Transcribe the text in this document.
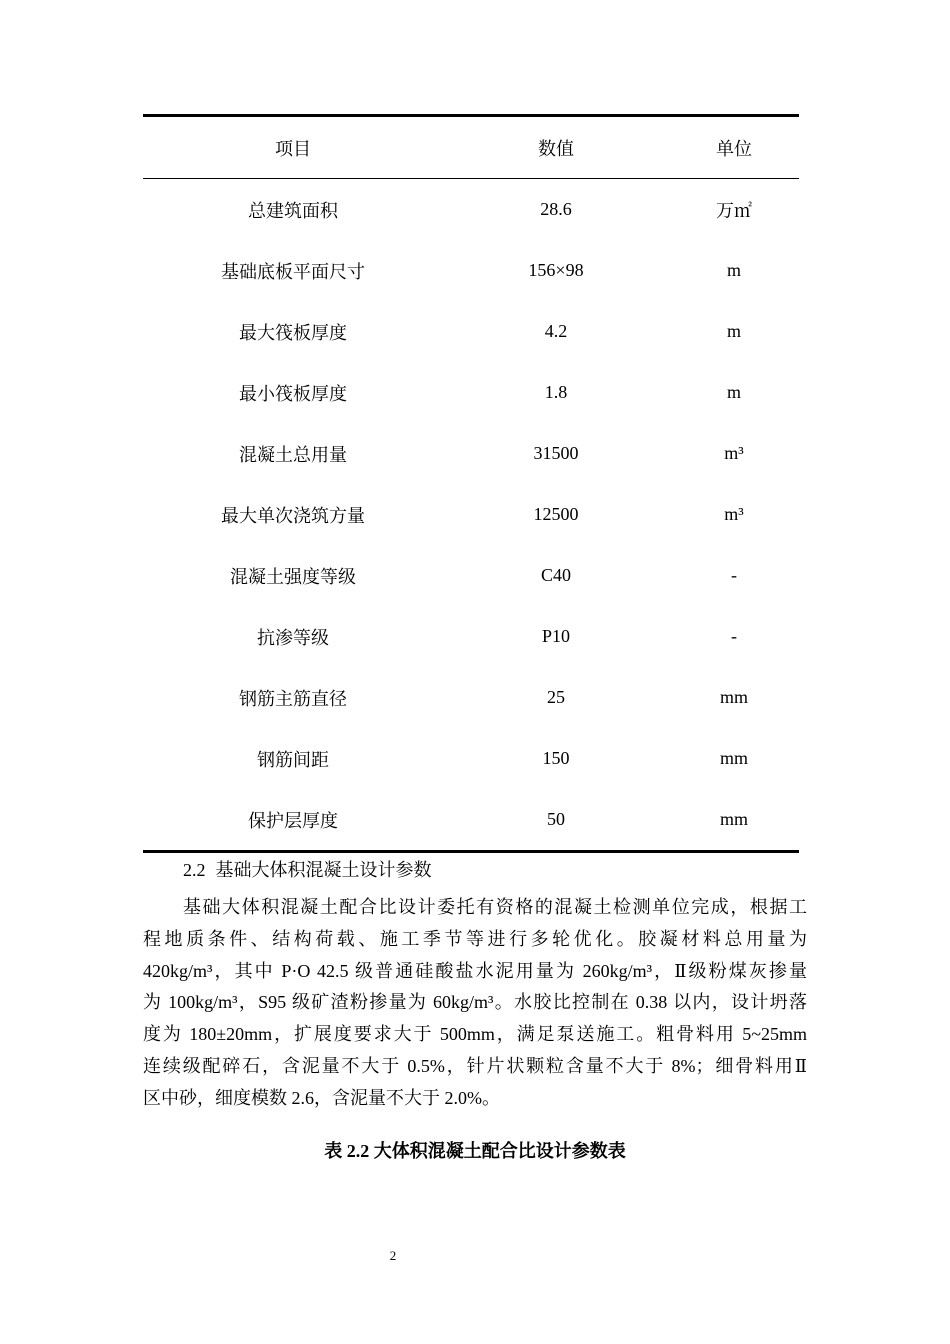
项目	数值	单位
总建筑面积	28.6	万㎡
基础底板平面尺寸	156×98	m
最大筏板厚度	4.2	m
最小筏板厚度	1.8	m
混凝土总用量	31500	m³
最大单次浇筑方量	12500	m³
混凝土强度等级	C40	-
抗渗等级	P10	-
钢筋主筋直径	25	mm
钢筋间距	150	mm
保护层厚度	50	mm
2.2 基础大体积混凝土设计参数

基础大体积混凝土配合比设计委托有资格的混凝土检测单位完成，根据工
程地质条件、结构荷载、施工季节等进行多轮优化。胶凝材料总用量为
420kg/m³，其中 P·O 42.5 级普通硅酸盐水泥用量为 260kg/m³，Ⅱ级粉煤灰掺量
为 100kg/m³，S95 级矿渣粉掺量为 60kg/m³。水胶比控制在 0.38 以内，设计坍落
度为 180±20mm，扩展度要求大于 500mm，满足泵送施工。粗骨料用 5~25mm
连续级配碎石，含泥量不大于 0.5%，针片状颗粒含量不大于 8%；细骨料用Ⅱ
区中砂，细度模数 2.6，含泥量不大于 2.0%。

表 2.2 大体积混凝土配合比设计参数表

2
